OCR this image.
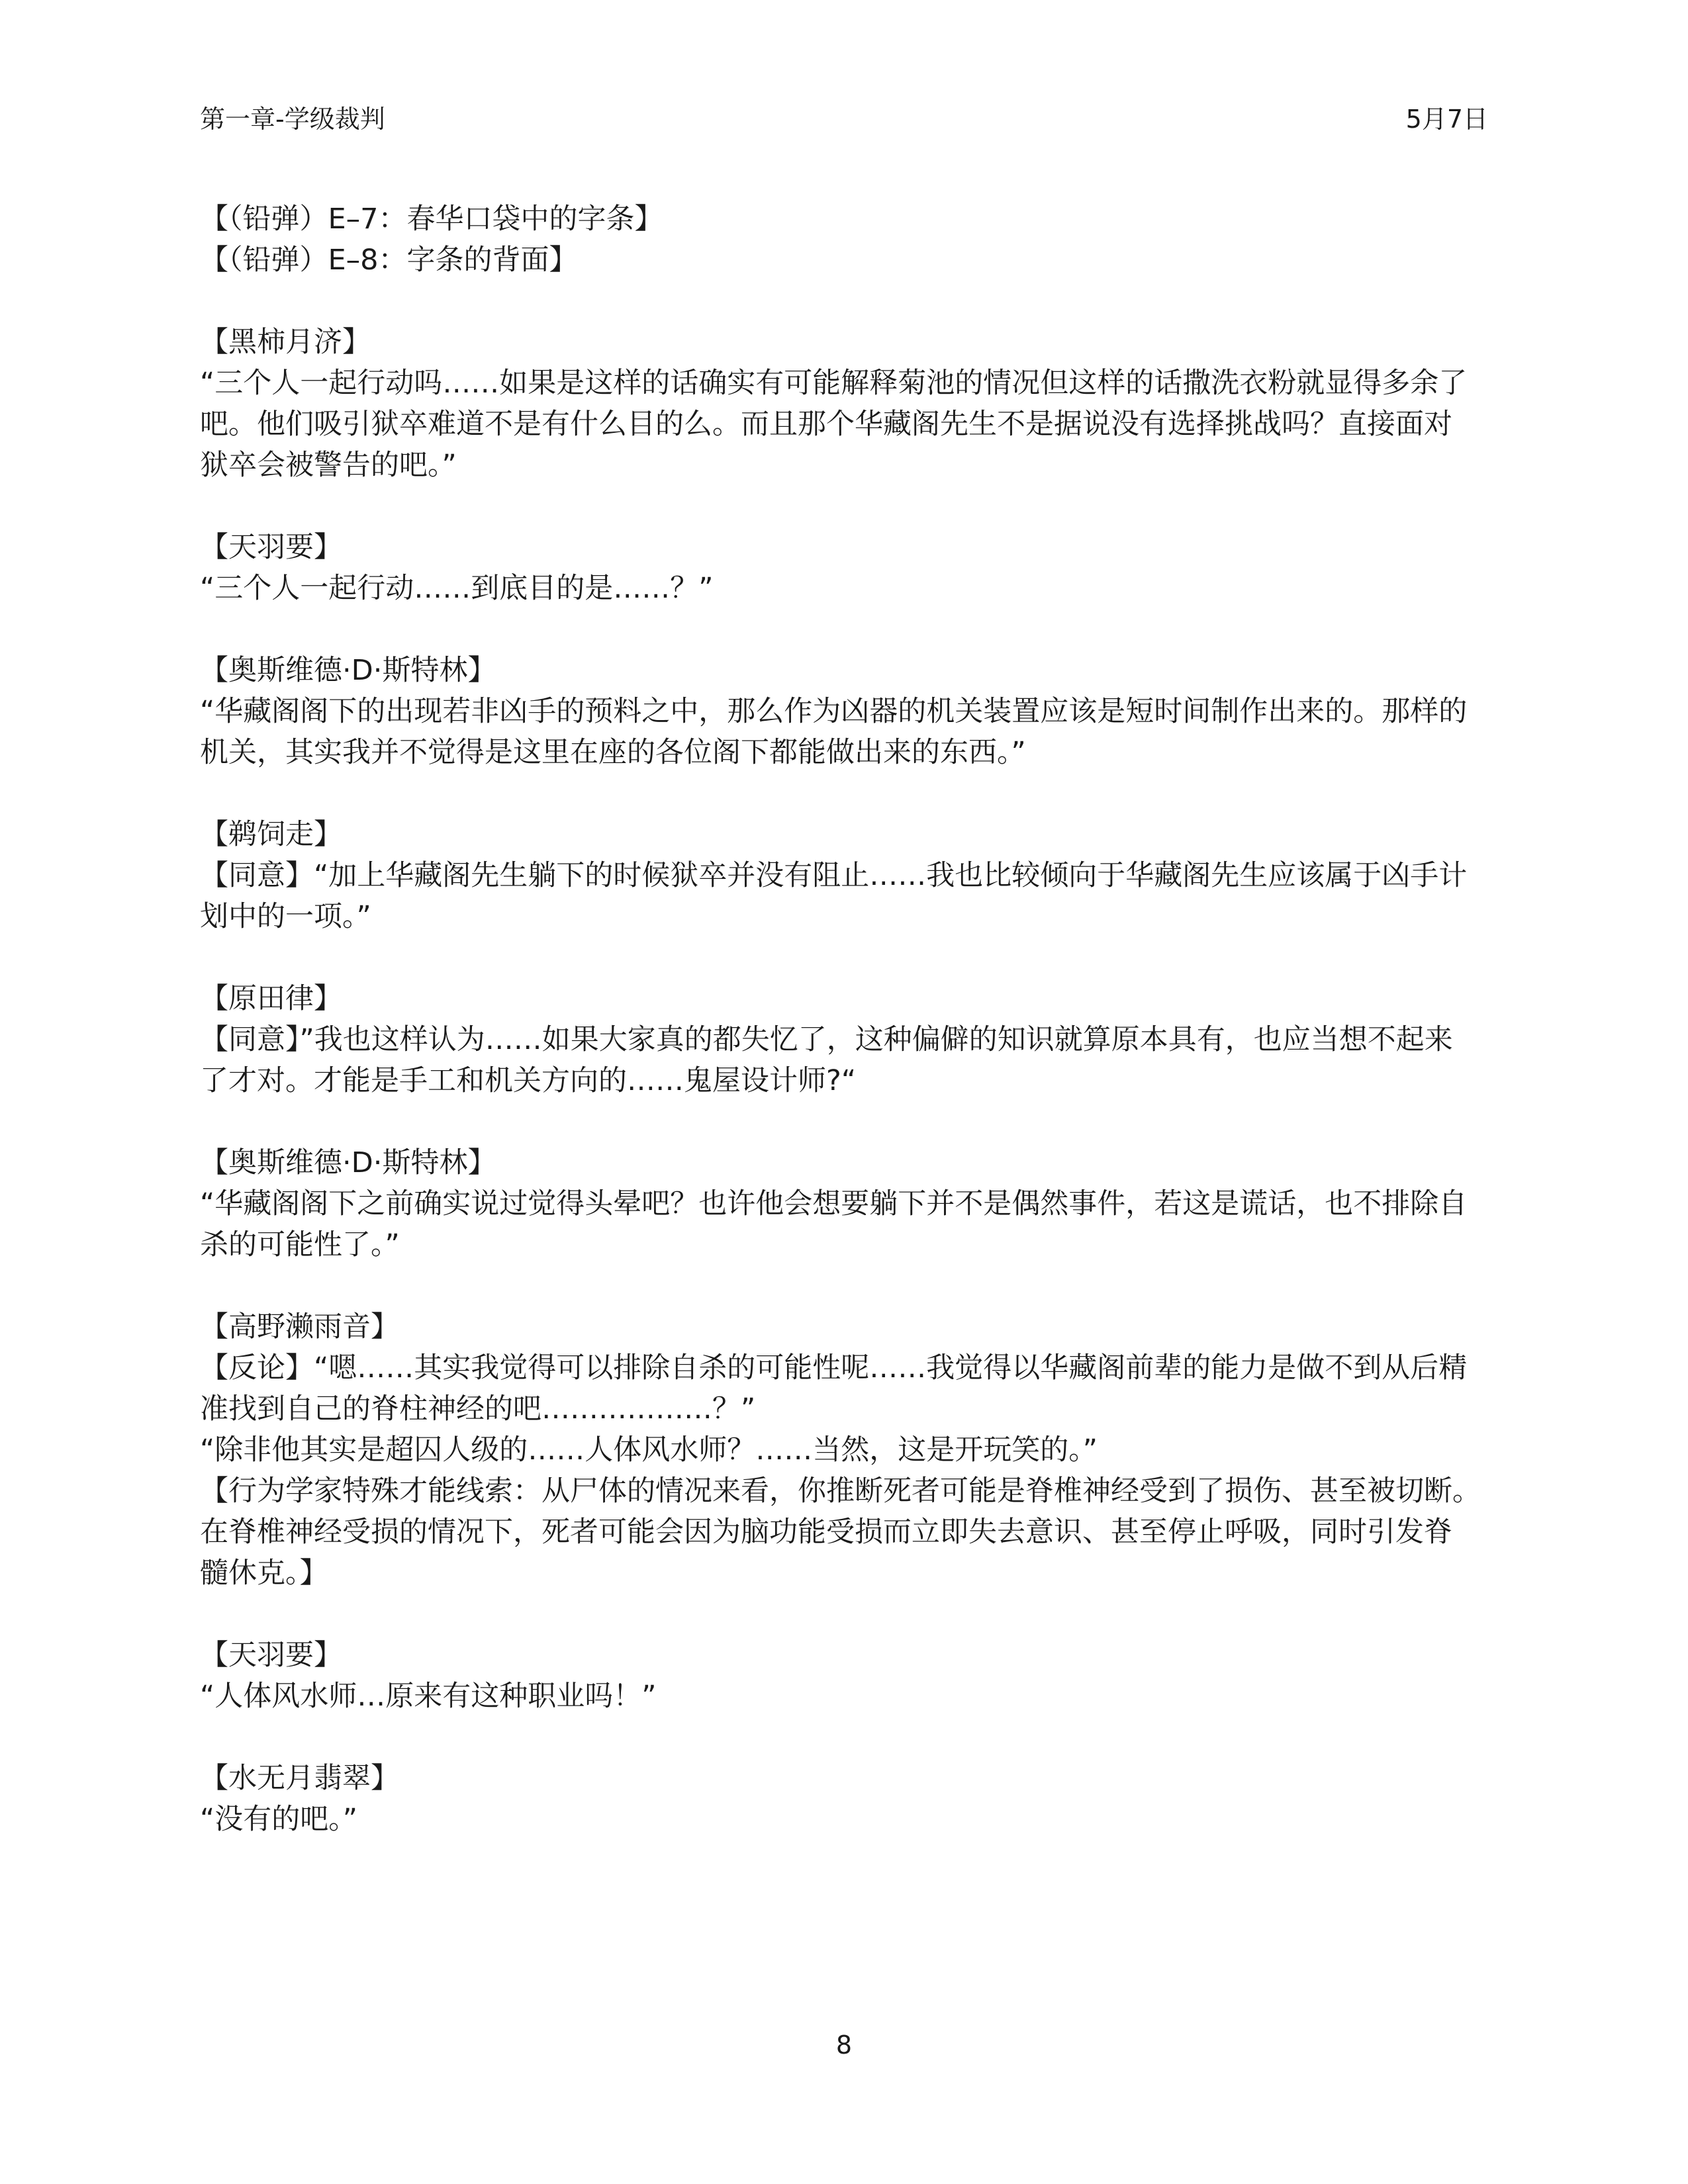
第一章-学级裁判	5月7日
【（铅弹）E–7：春华口袋中的字条】
【（铅弹）E–8：字条的背面】
【黑柿月济】
“三个人一起行动吗……如果是这样的话确实有可能解释菊池的情况但这样的话撒洗衣粉就显得多余了
吧。他们吸引狱卒难道不是有什么目的么。而且那个华藏阁先生不是据说没有选择挑战吗？直接面对
狱卒会被警告的吧。”
【天羽要】
“三个人一起行动……到底目的是……？”
【奥斯维德·D·斯特林】
“华藏阁阁下的出现若非凶手的预料之中，那么作为凶器的机关装置应该是短时间制作出来的。那样的
机关，其实我并不觉得是这里在座的各位阁下都能做出来的东西。”
【鹈饲走】
【同意】“加上华藏阁先生躺下的时候狱卒并没有阻止……我也比较倾向于华藏阁先生应该属于凶手计
划中的一项。”
【原田律】
【同意】”我也这样认为……如果大家真的都失忆了，这种偏僻的知识就算原本具有，也应当想不起来
了才对。才能是手工和机关方向的……鬼屋设计师?“
【奥斯维德·D·斯特林】
“华藏阁阁下之前确实说过觉得头晕吧？也许他会想要躺下并不是偶然事件，若这是谎话，也不排除自
杀的可能性了。”
【高野濑雨音】
【反论】“嗯……其实我觉得可以排除自杀的可能性呢……我觉得以华藏阁前辈的能力是做不到从后精
准找到自己的脊柱神经的吧………………？”
“除非他其实是超囚人级的……人体风水师？……当然，这是开玩笑的。”
【行为学家特殊才能线索：从尸体的情况来看，你推断死者可能是脊椎神经受到了损伤、甚至被切断。
在脊椎神经受损的情况下，死者可能会因为脑功能受损而立即失去意识、甚至停止呼吸，同时引发脊
髓休克。】
【天羽要】
“人体风水师…原来有这种职业吗！”
【水无月翡翠】
“没有的吧。”
8
